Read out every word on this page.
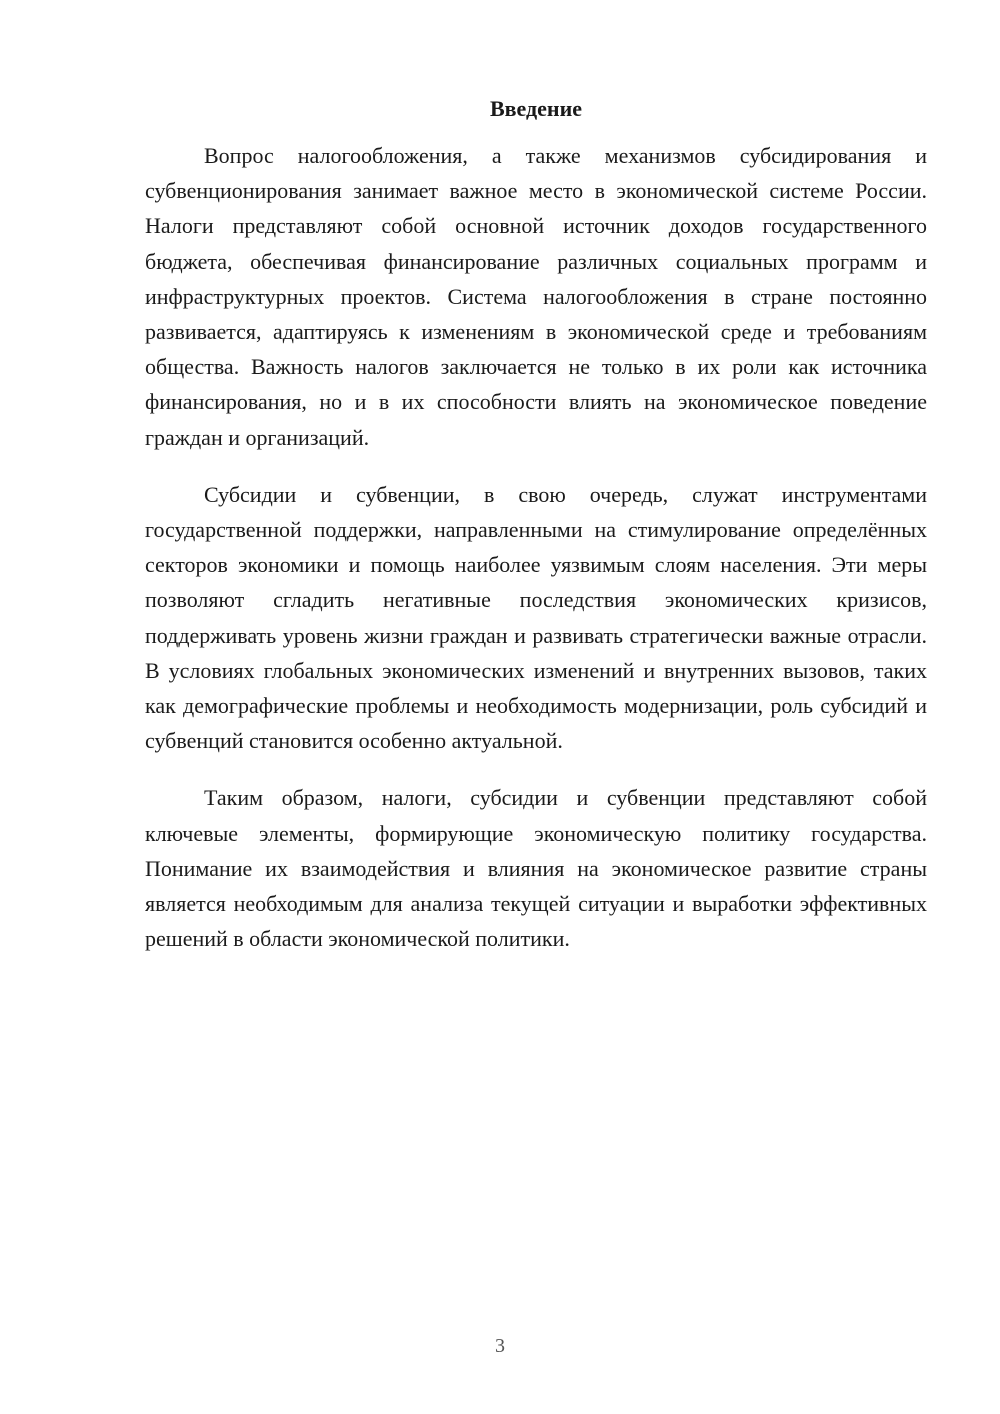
Введение

Вопрос налогообложения, а также механизмов субсидирования и субвенционирования занимает важное место в экономической системе России. Налоги представляют собой основной источник доходов государственного бюджета, обеспечивая финансирование различных социальных программ и инфраструктурных проектов. Система налогообложения в стране постоянно развивается, адаптируясь к изменениям в экономической среде и требованиям общества. Важность налогов заключается не только в их роли как источника финансирования, но и в их способности влиять на экономическое поведение граждан и организаций.

Субсидии и субвенции, в свою очередь, служат инструментами государственной поддержки, направленными на стимулирование определённых секторов экономики и помощь наиболее уязвимым слоям населения. Эти меры позволяют сгладить негативные последствия экономических кризисов, поддерживать уровень жизни граждан и развивать стратегически важные отрасли. В условиях глобальных экономических изменений и внутренних вызовов, таких как демографические проблемы и необходимость модернизации, роль субсидий и субвенций становится особенно актуальной.

Таким образом, налоги, субсидии и субвенции представляют собой ключевые элементы, формирующие экономическую политику государства. Понимание их взаимодействия и влияния на экономическое развитие страны является необходимым для анализа текущей ситуации и выработки эффективных решений в области экономической политики.

3
